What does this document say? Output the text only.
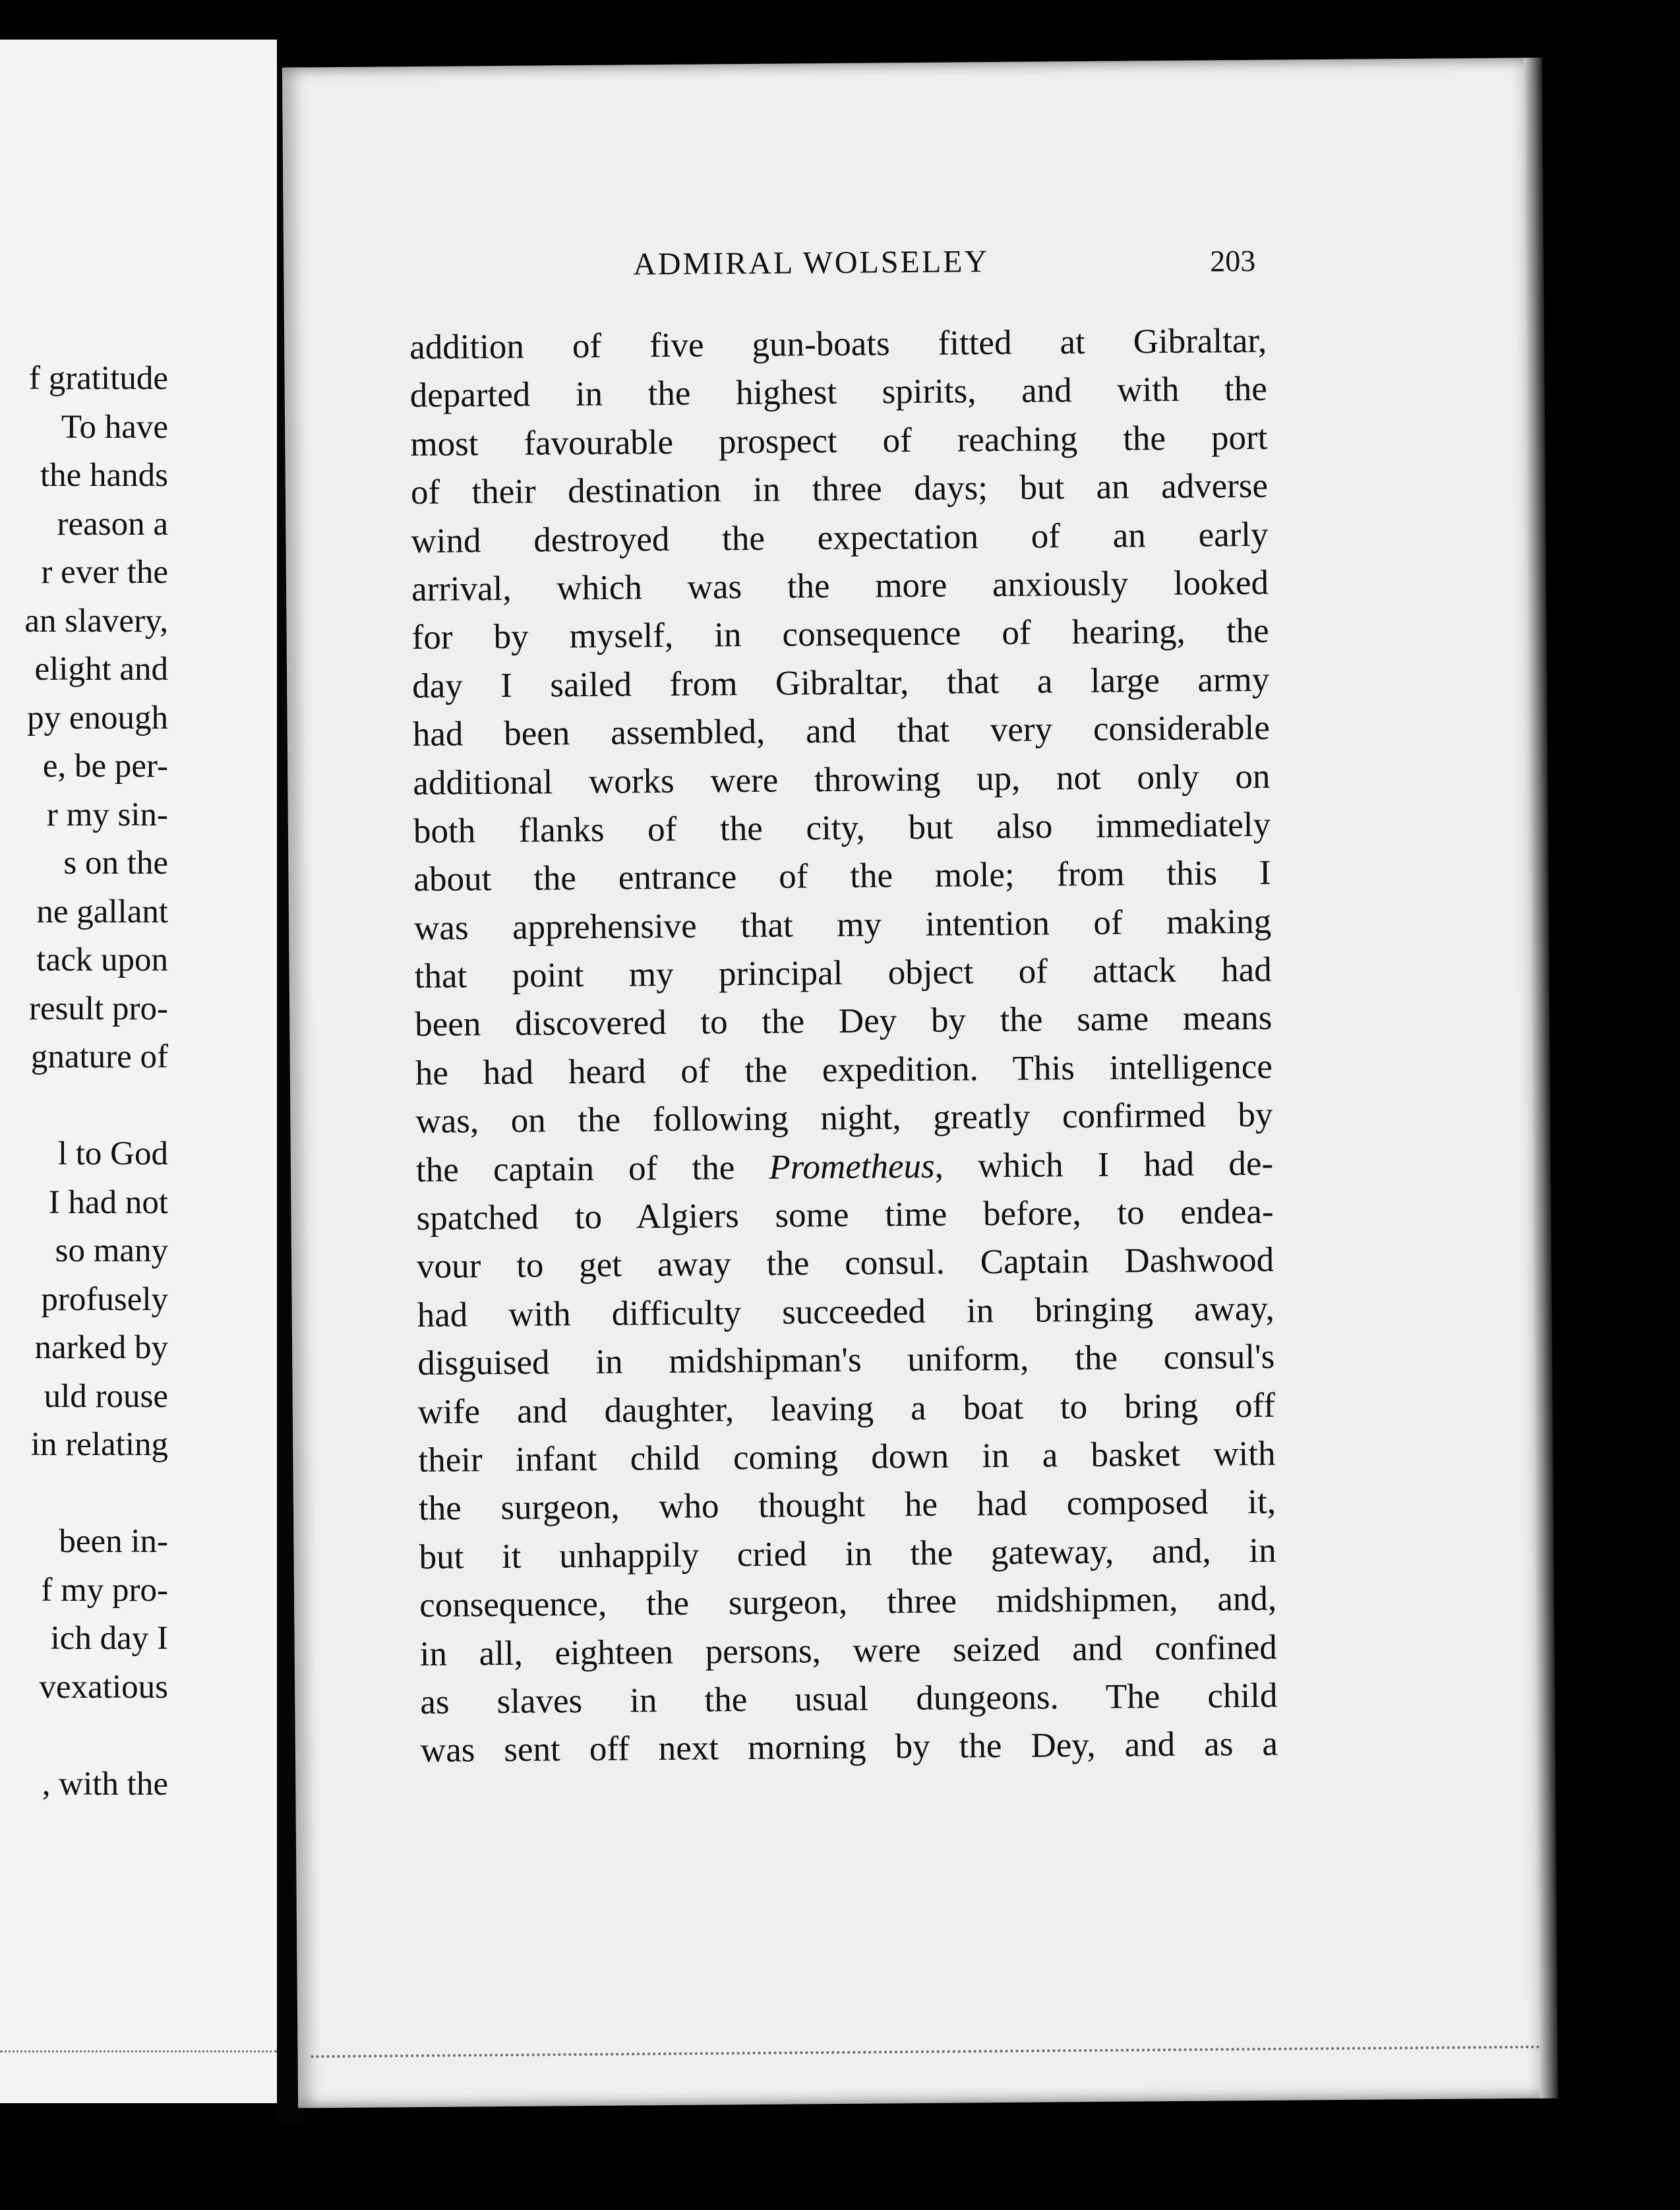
f gratitude
To have
the hands
reason a
r ever the
an slavery,
elight and
py enough
e, be per-
r my sin-
s on the
ne gallant
tack upon
result pro-
gnature of
l to God
I had not
so many
profusely
narked by
uld rouse
in relating
been in-
f my pro-
ich day I
vexatious
, with the
ADMIRAL WOLSELEY	203
addition of five gun-boats fitted at Gibraltar,
departed in the highest spirits, and with the
most favourable prospect of reaching the port
of their destination in three days; but an adverse
wind destroyed the expectation of an early
arrival, which was the more anxiously looked
for by myself, in consequence of hearing, the
day I sailed from Gibraltar, that a large army
had been assembled, and that very considerable
additional works were throwing up, not only on
both flanks of the city, but also immediately
about the entrance of the mole; from this I
was apprehensive that my intention of making
that point my principal object of attack had
been discovered to the Dey by the same means
he had heard of the expedition. This intelligence
was, on the following night, greatly confirmed by
the captain of the Prometheus, which I had de-
spatched to Algiers some time before, to endea-
vour to get away the consul. Captain Dashwood
had with difficulty succeeded in bringing away,
disguised in midshipman's uniform, the consul's
wife and daughter, leaving a boat to bring off
their infant child coming down in a basket with
the surgeon, who thought he had composed it,
but it unhappily cried in the gateway, and, in
consequence, the surgeon, three midshipmen, and,
in all, eighteen persons, were seized and confined
as slaves in the usual dungeons. The child
was sent off next morning by the Dey, and as a
